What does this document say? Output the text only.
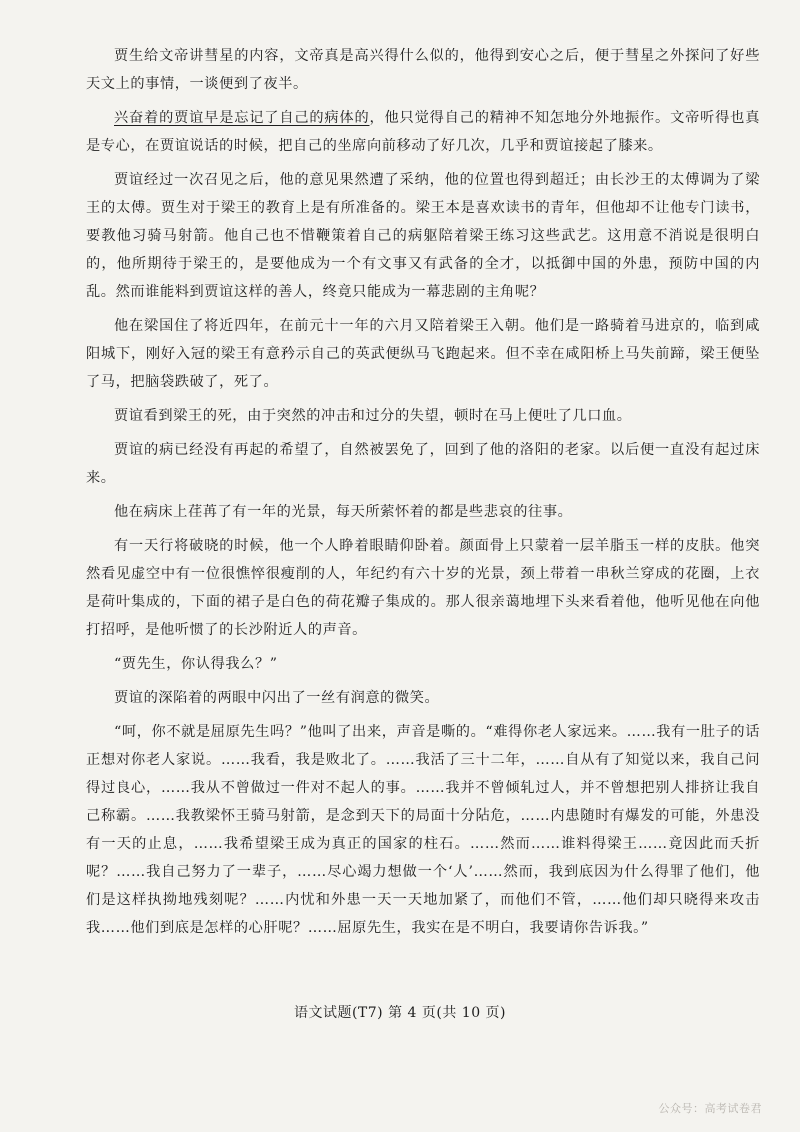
贾生给文帝讲彗星的内容，文帝真是高兴得什么似的，他得到安心之后，便于彗星之外探问了好些天文上的事情，一谈便到了夜半。

兴奋着的贾谊早是忘记了自己的病体的，他只觉得自己的精神不知怎地分外地振作。文帝听得也真是专心，在贾谊说话的时候，把自己的坐席向前移动了好几次，几乎和贾谊接起了膝来。

贾谊经过一次召见之后，他的意见果然遭了采纳，他的位置也得到超迁；由长沙王的太傅调为了梁王的太傅。贾生对于梁王的教育上是有所准备的。梁王本是喜欢读书的青年，但他却不让他专门读书，要教他习骑马射箭。他自己也不惜鞭策着自己的病躯陪着梁王练习这些武艺。这用意不消说是很明白的，他所期待于梁王的，是要他成为一个有文事又有武备的全才，以抵御中国的外患，预防中国的内乱。然而谁能料到贾谊这样的善人，终竟只能成为一幕悲剧的主角呢？

他在梁国住了将近四年，在前元十一年的六月又陪着梁王入朝。他们是一路骑着马进京的，临到咸阳城下，刚好入冠的梁王有意矜示自己的英武便纵马飞跑起来。但不幸在咸阳桥上马失前蹄，梁王便坠了马，把脑袋跌破了，死了。

贾谊看到梁王的死，由于突然的冲击和过分的失望，顿时在马上便吐了几口血。

贾谊的病已经没有再起的希望了，自然被罢免了，回到了他的洛阳的老家。以后便一直没有起过床来。

他在病床上荏苒了有一年的光景，每天所萦怀着的都是些悲哀的往事。

有一天行将破晓的时候，他一个人睁着眼睛仰卧着。颜面骨上只蒙着一层羊脂玉一样的皮肤。他突然看见虚空中有一位很憔悴很瘦削的人，年纪约有六十岁的光景，颈上带着一串秋兰穿成的花圈，上衣是荷叶集成的，下面的裙子是白色的荷花瓣子集成的。那人很亲蔼地埋下头来看着他，他听见他在向他打招呼，是他听惯了的长沙附近人的声音。

“贾先生，你认得我么？”

贾谊的深陷着的两眼中闪出了一丝有润意的微笑。

“呵，你不就是屈原先生吗？”他叫了出来，声音是嘶的。“难得你老人家远来。……我有一肚子的话正想对你老人家说。……我看，我是败北了。……我活了三十二年，……自从有了知觉以来，我自己问得过良心，……我从不曾做过一件对不起人的事。……我并不曾倾轧过人，并不曾想把别人排挤让我自己称霸。……我教梁怀王骑马射箭，是念到天下的局面十分阽危，……内患随时有爆发的可能，外患没有一天的止息，……我希望梁王成为真正的国家的柱石。……然而……谁料得梁王……竟因此而夭折呢？……我自己努力了一辈子，……尽心竭力想做一个‘人’……然而，我到底因为什么得罪了他们，他们是这样执拗地残刻呢？……内忧和外患一天一天地加紧了，而他们不管，……他们却只晓得来攻击我……他们到底是怎样的心肝呢？……屈原先生，我实在是不明白，我要请你告诉我。”

语文试题(T7) 第 4 页(共 10 页)
公众号：高考试卷君
